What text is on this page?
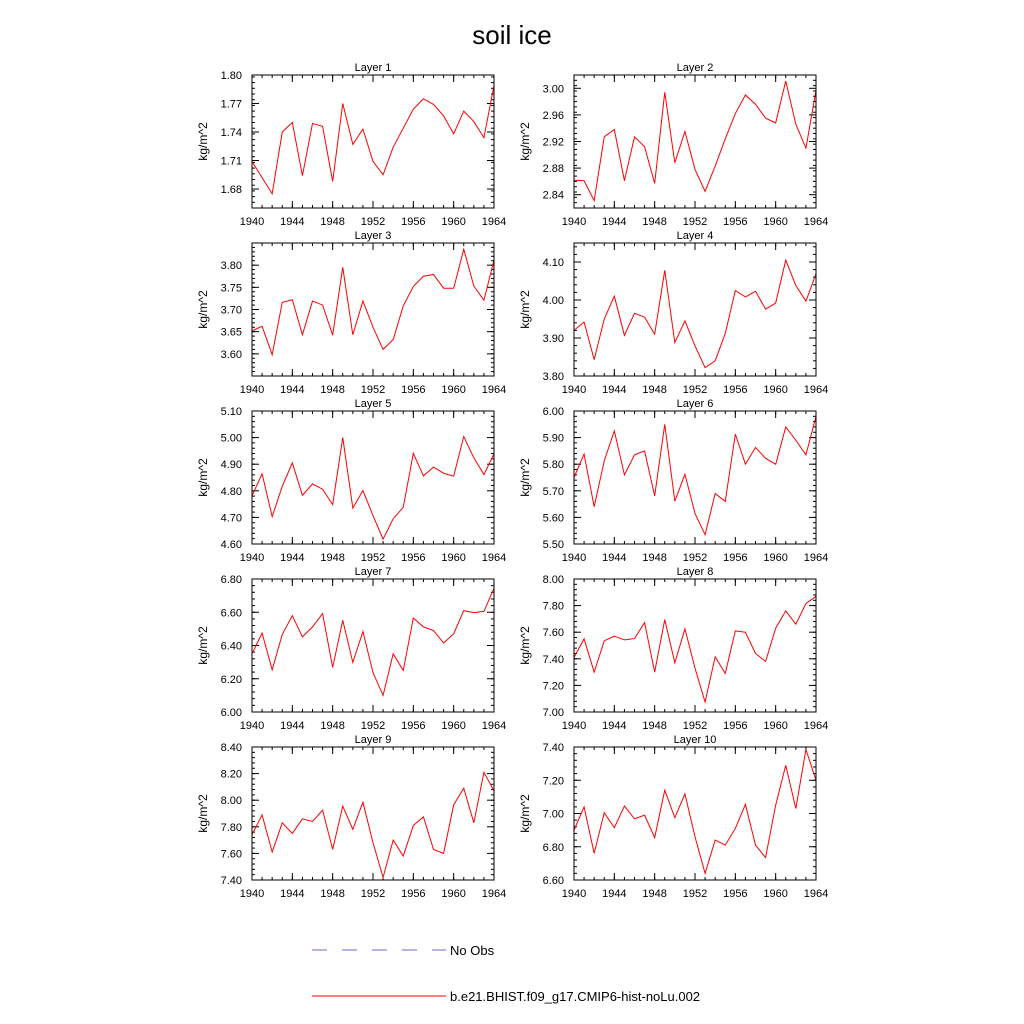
soil ice
Layer 1
kg/m^2
1940 1944 1948 1952 1956 1960 1964
1.68
1.71
1.74
1.77
1.80
Layer 2
kg/m^2
1940 1944 1948 1952 1956 1960 1964
2.84
2.88
2.92
2.96
3.00
Layer 3
kg/m^2
1940 1944 1948 1952 1956 1960 1964
3.60
3.65
3.70
3.75
3.80
Layer 4
kg/m^2
1940 1944 1948 1952 1956 1960 1964
3.80
3.90
4.00
4.10
Layer 5
kg/m^2
1940 1944 1948 1952 1956 1960 1964
4.60
4.70
4.80
4.90
5.00
5.10
Layer 6
kg/m^2
1940 1944 1948 1952 1956 1960 1964
5.50
5.60
5.70
5.80
5.90
6.00
Layer 7
kg/m^2
1940 1944 1948 1952 1956 1960 1964
6.00
6.20
6.40
6.60
6.80
Layer 8
kg/m^2
1940 1944 1948 1952 1956 1960 1964
7.00
7.20
7.40
7.60
7.80
8.00
Layer 9
kg/m^2
1940 1944 1948 1952 1956 1960 1964
7.40
7.60
7.80
8.00
8.20
8.40
Layer 10
kg/m^2
1940 1944 1948 1952 1956 1960 1964
6.60
6.80
7.00
7.20
7.40
No Obs
b.e21.BHIST.f09_g17.CMIP6-hist-noLu.002
